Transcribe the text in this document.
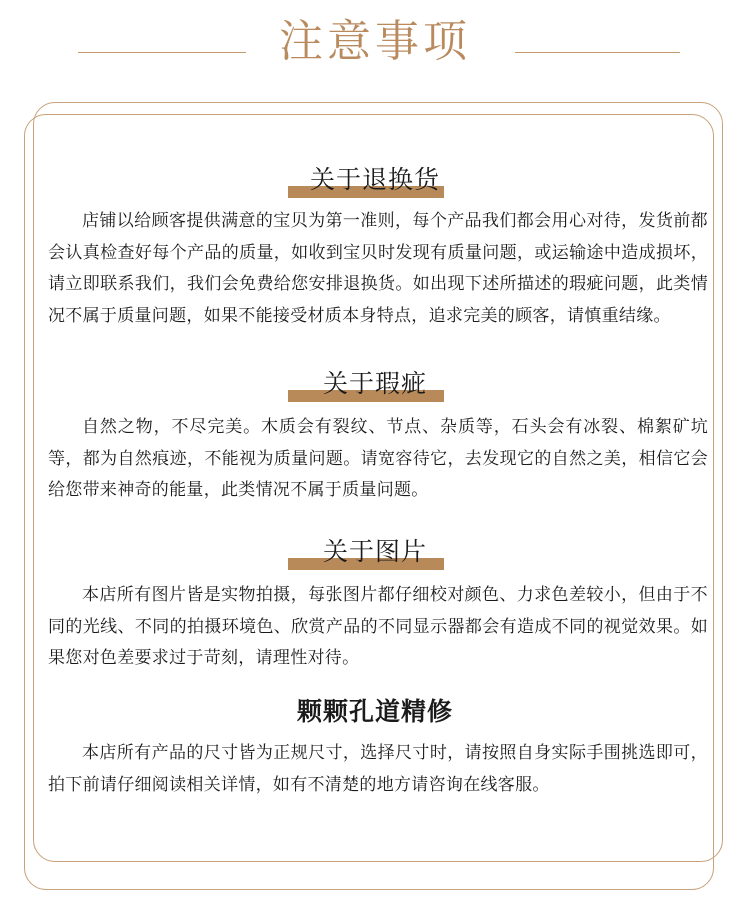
注意事项
关于退换货

店铺以给顾客提供满意的宝贝为第一准则，每个产品我们都会用心对待，发货前都会认真检查好每个产品的质量，如收到宝贝时发现有质量问题，或运输途中造成损坏，请立即联系我们，我们会免费给您安排退换货。如出现下述所描述的瑕疵问题，此类情况不属于质量问题，如果不能接受材质本身特点，追求完美的顾客，请慎重结缘。

关于瑕疵

自然之物，不尽完美。木质会有裂纹、节点、杂质等，石头会有冰裂、棉絮矿坑等，都为自然痕迹，不能视为质量问题。请宽容待它，去发现它的自然之美，相信它会给您带来神奇的能量，此类情况不属于质量问题。

关于图片

本店所有图片皆是实物拍摄，每张图片都仔细校对颜色、力求色差较小，但由于不同的光线、不同的拍摄环境色、欣赏产品的不同显示器都会有造成不同的视觉效果。如果您对色差要求过于苛刻，请理性对待。

颗颗孔道精修

本店所有产品的尺寸皆为正规尺寸，选择尺寸时，请按照自身实际手围挑选即可，拍下前请仔细阅读相关详情，如有不清楚的地方请咨询在线客服。
